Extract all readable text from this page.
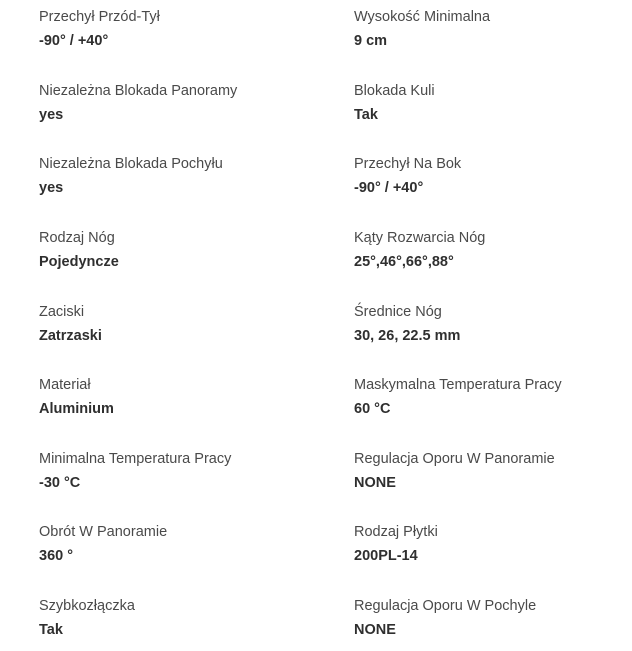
Przechył Przód-Tył
-90° / +40°
Niezależna Blokada Panoramy
yes
Niezależna Blokada Pochyłu
yes
Rodzaj Nóg
Pojedyncze
Zaciski
Zatrzaski
Materiał
Aluminium
Minimalna Temperatura Pracy
-30 °C
Obrót W Panoramie
360 °
Szybkozłączka
Tak
Wysokość Minimalna
9 cm
Blokada Kuli
Tak
Przechył Na Bok
-90° / +40°
Kąty Rozwarcia Nóg
25°,46°,66°,88°
Średnice Nóg
30, 26, 22.5 mm
Maskymalna Temperatura Pracy
60 °C
Regulacja Oporu W Panoramie
NONE
Rodzaj Płytki
200PL-14
Regulacja Oporu W Pochyle
NONE
